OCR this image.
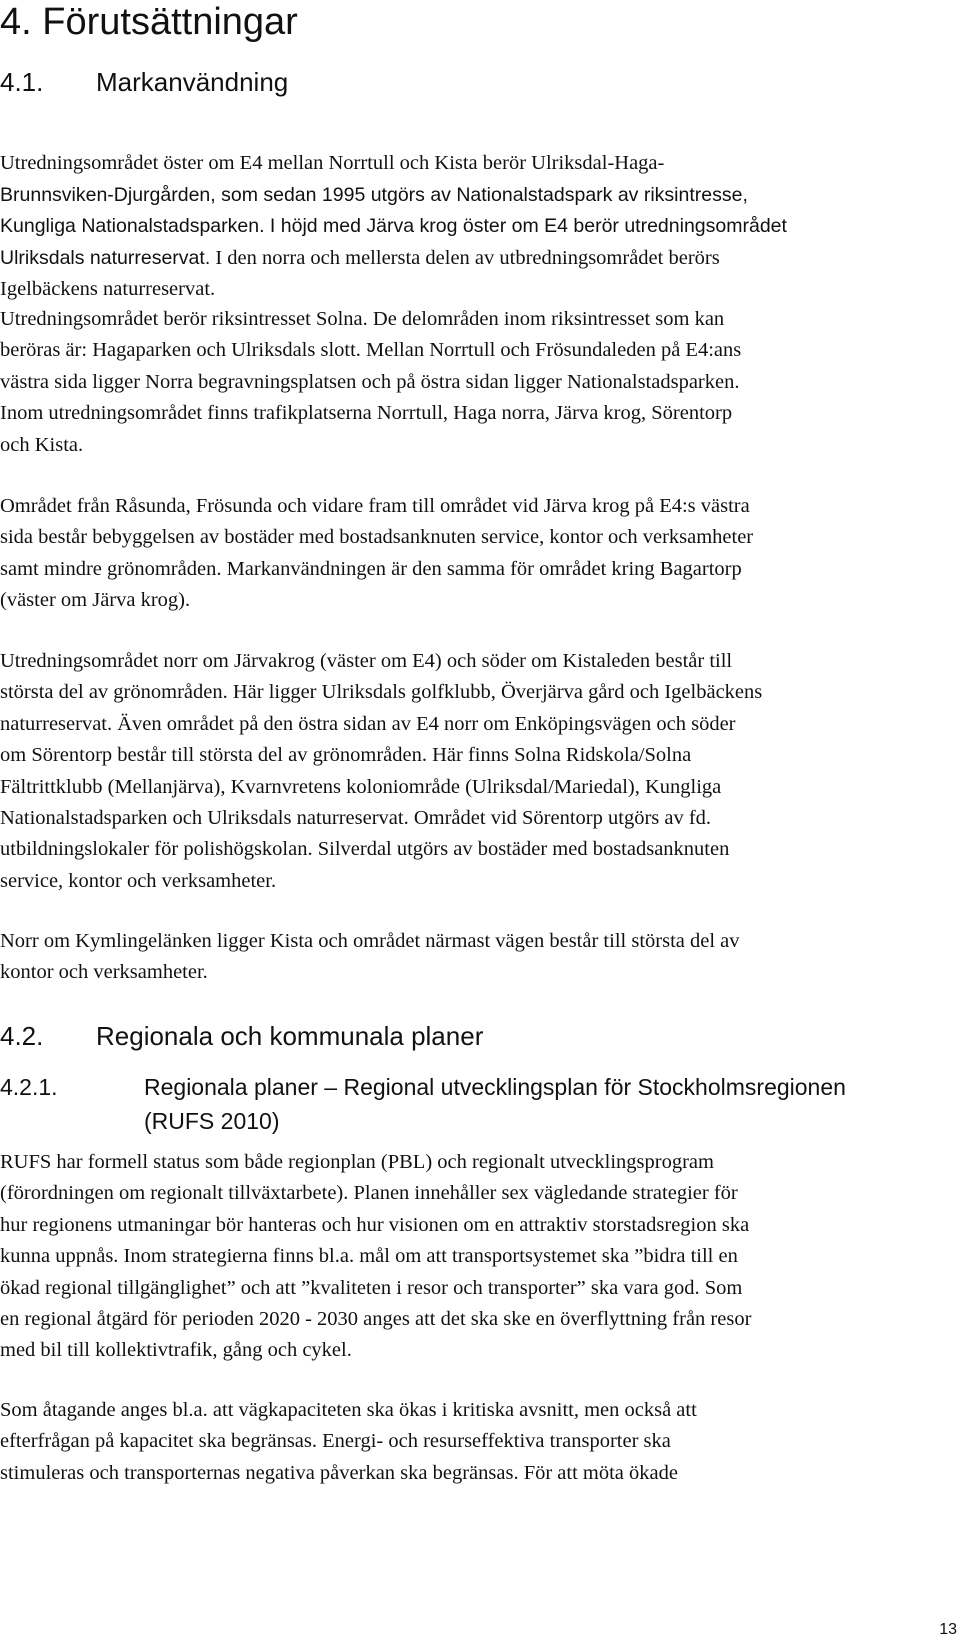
4. Förutsättningar
4.1. Markanvändning

Utredningsområdet öster om E4 mellan Norrtull och Kista berör Ulriksdal-Haga-
Brunnsviken-Djurgården, som sedan 1995 utgörs av Nationalstadspark av riksintresse,
Kungliga Nationalstadsparken. I höjd med Järva krog öster om E4 berör utredningsområdet
Ulriksdals naturreservat. I den norra och mellersta delen av utbredningsområdet berörs
Igelbäckens naturreservat.

Utredningsområdet berör riksintresset Solna. De delområden inom riksintresset som kan
beröras är: Hagaparken och Ulriksdals slott. Mellan Norrtull och Frösundaleden på E4:ans
västra sida ligger Norra begravningsplatsen och på östra sidan ligger Nationalstadsparken.
Inom utredningsområdet finns trafikplatserna Norrtull, Haga norra, Järva krog, Sörentorp
och Kista.

Området från Råsunda, Frösunda och vidare fram till området vid Järva krog på E4:s västra
sida består bebyggelsen av bostäder med bostadsanknuten service, kontor och verksamheter
samt mindre grönområden. Markanvändningen är den samma för området kring Bagartorp
(väster om Järva krog).

Utredningsområdet norr om Järvakrog (väster om E4) och söder om Kistaleden består till
största del av grönområden. Här ligger Ulriksdals golfklubb, Överjärva gård och Igelbäckens
naturreservat. Även området på den östra sidan av E4 norr om Enköpingsvägen och söder
om Sörentorp består till största del av grönområden. Här finns Solna Ridskola/Solna
Fältrittklubb (Mellanjärva), Kvarnvretens koloniområde (Ulriksdal/Mariedal), Kungliga
Nationalstadsparken och Ulriksdals naturreservat. Området vid Sörentorp utgörs av fd.
utbildningslokaler för polishögskolan. Silverdal utgörs av bostäder med bostadsanknuten
service, kontor och verksamheter.

Norr om Kymlingelänken ligger Kista och området närmast vägen består till största del av
kontor och verksamheter.

4.2. Regionala och kommunala planer
4.2.1.	Regionala planer – Regional utvecklingsplan för Stockholmsregionen
(RUFS 2010)

RUFS har formell status som både regionplan (PBL) och regionalt utvecklingsprogram
(förordningen om regionalt tillväxtarbete). Planen innehåller sex vägledande strategier för
hur regionens utmaningar bör hanteras och hur visionen om en attraktiv storstadsregion ska
kunna uppnås. Inom strategierna finns bl.a. mål om att transportsystemet ska ”bidra till en
ökad regional tillgänglighet” och att ”kvaliteten i resor och transporter” ska vara god. Som
en regional åtgärd för perioden 2020 - 2030 anges att det ska ske en överflyttning från resor
med bil till kollektivtrafik, gång och cykel.

Som åtagande anges bl.a. att vägkapaciteten ska ökas i kritiska avsnitt, men också att
efterfrågan på kapacitet ska begränsas. Energi- och resurseffektiva transporter ska
stimuleras och transporternas negativa påverkan ska begränsas. För att möta ökade

13
